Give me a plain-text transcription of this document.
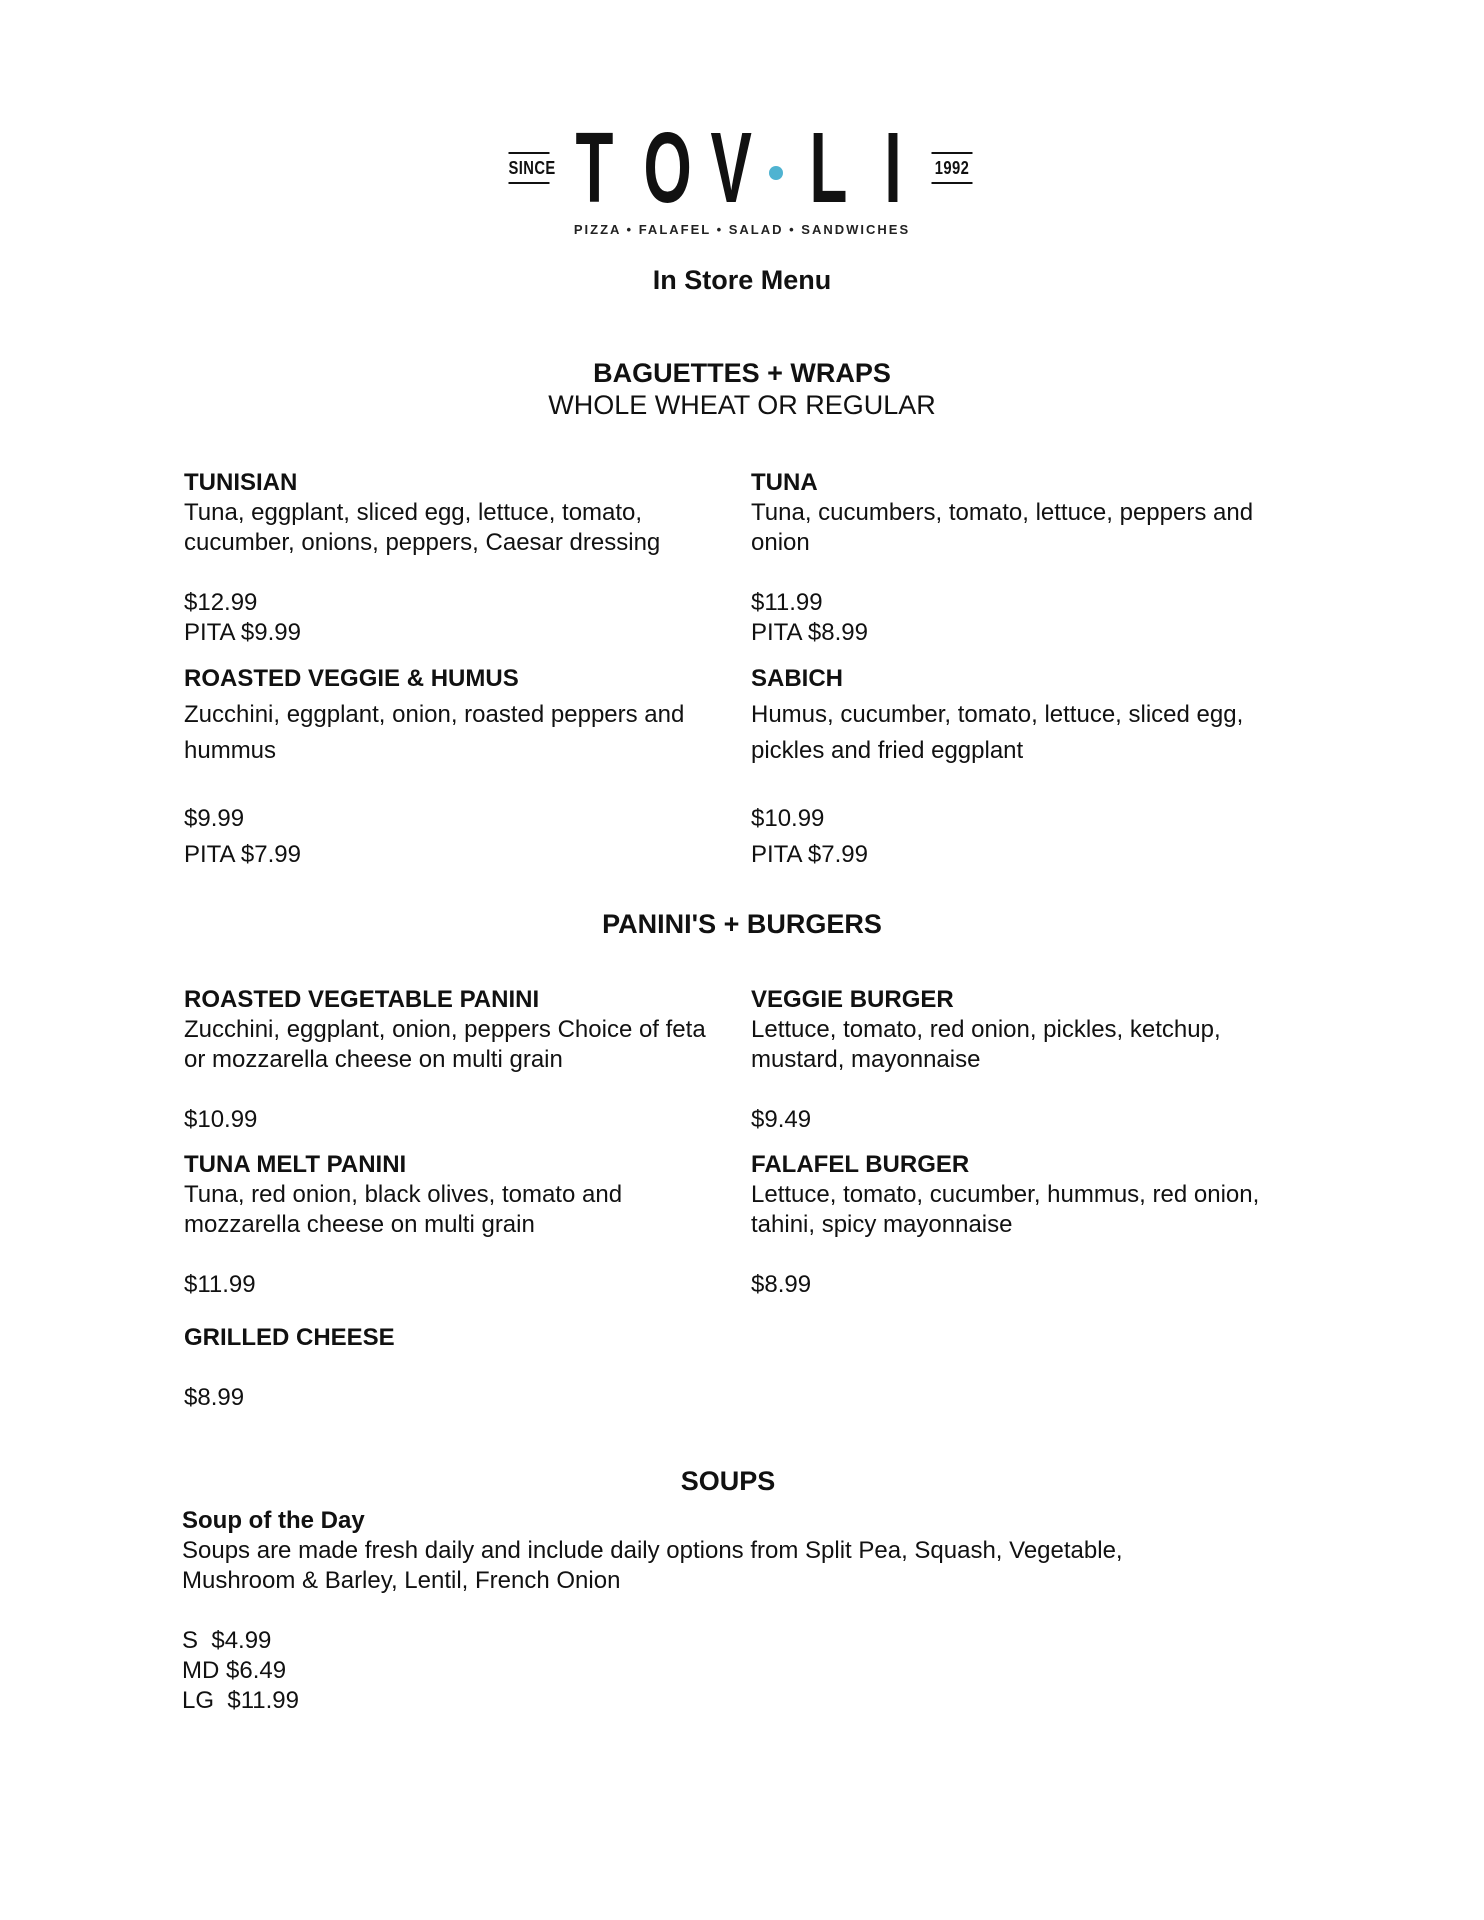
SINCE T O V L I	1992
PIZZA • FALAFEL • SALAD • SANDWICHES
In Store Menu
BAGUETTES + WRAPS
WHOLE WHEAT OR REGULAR
TUNISIAN
Tuna, eggplant, sliced egg, lettuce, tomato, cucumber, onions, peppers, Caesar dressing
$12.99
PITA $9.99
TUNA
Tuna, cucumbers, tomato, lettuce, peppers and onion
$11.99
PITA $8.99
ROASTED VEGGIE & HUMUS
Zucchini, eggplant, onion, roasted peppers and hummus
$9.99
PITA $7.99
SABICH
Humus, cucumber, tomato, lettuce, sliced egg, pickles and fried eggplant
$10.99
PITA $7.99
PANINI'S + BURGERS
ROASTED VEGETABLE PANINI
Zucchini, eggplant, onion, peppers Choice of feta or mozzarella cheese on multi grain
$10.99
VEGGIE BURGER
Lettuce, tomato, red onion, pickles, ketchup, mustard, mayonnaise
$9.49
TUNA MELT PANINI
Tuna, red onion, black olives, tomato and mozzarella cheese on multi grain
$11.99
FALAFEL BURGER
Lettuce, tomato, cucumber, hummus, red onion, tahini, spicy mayonnaise
$8.99
GRILLED CHEESE
$8.99
SOUPS
Soup of the Day
Soups are made fresh daily and include daily options from Split Pea, Squash, Vegetable, Mushroom & Barley, Lentil, French Onion
S  $4.99
MD $6.49
LG  $11.99
